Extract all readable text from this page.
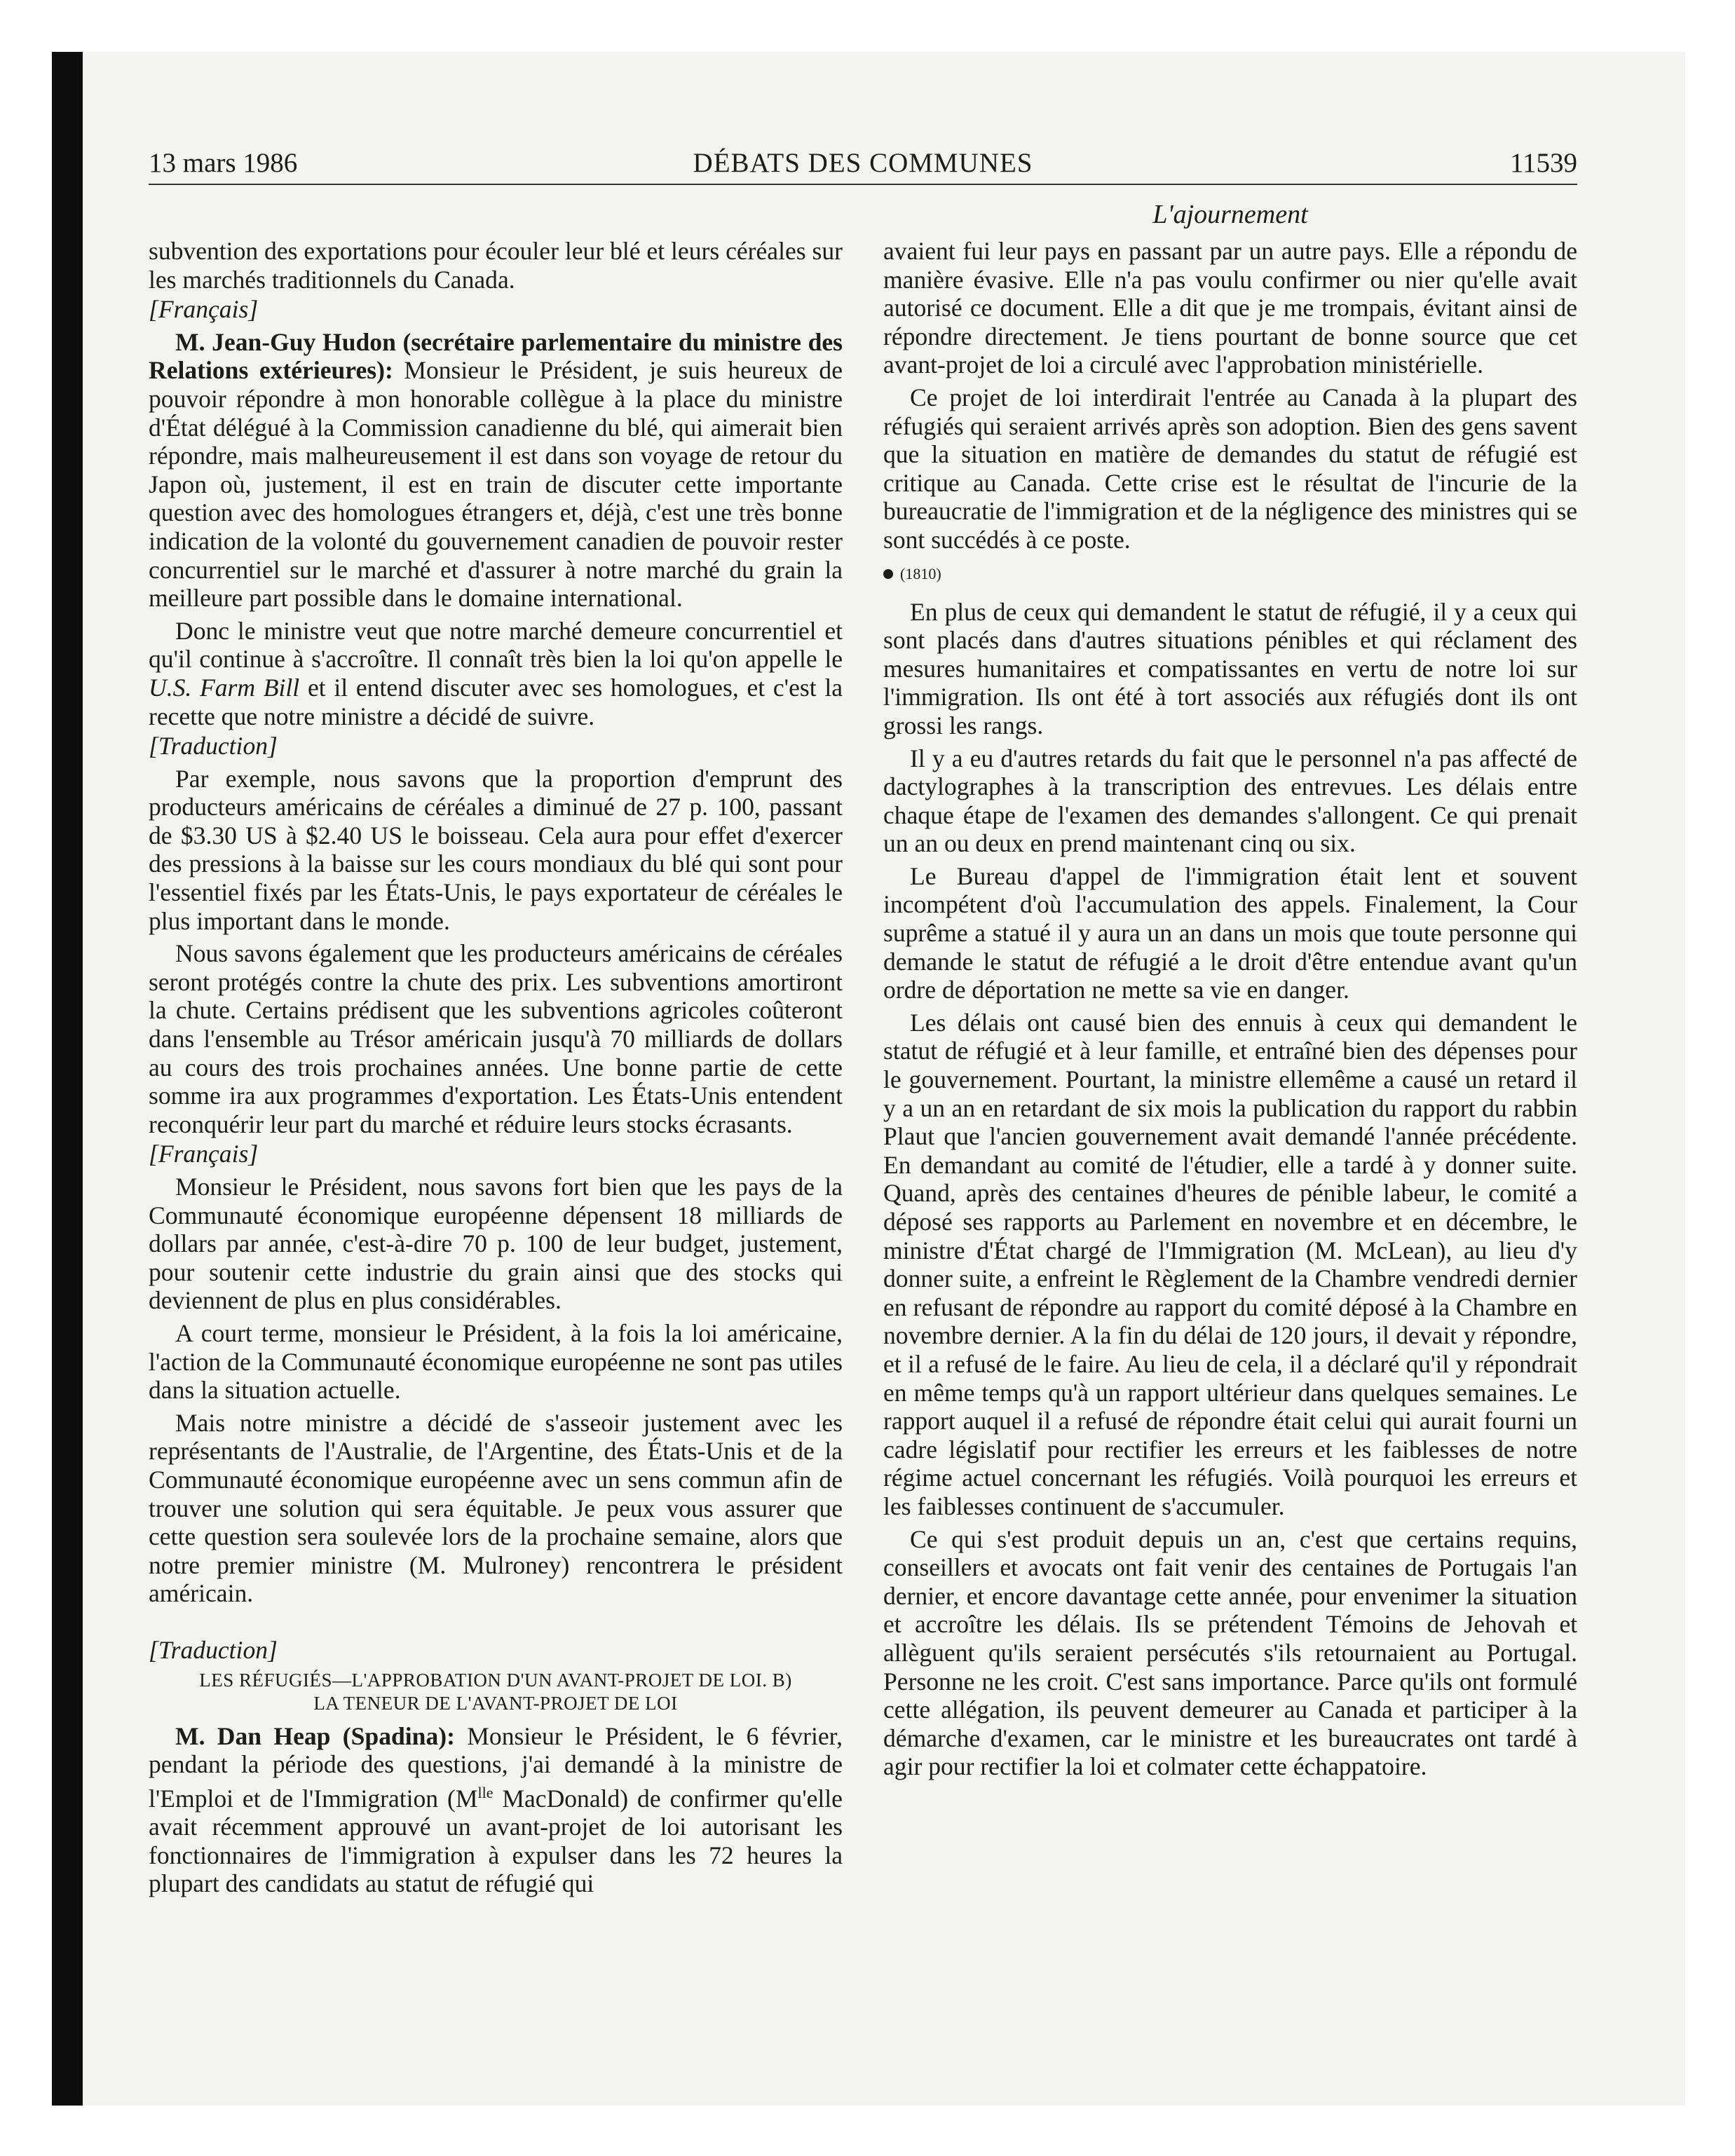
13 mars 1986	DÉBATS DES COMMUNES	11539
L'ajournement

subvention des exportations pour écouler leur blé et leurs céréales sur les marchés traditionnels du Canada.

[Français]

M. Jean-Guy Hudon (secrétaire parlementaire du ministre des Relations extérieures): Monsieur le Président, je suis heureux de pouvoir répondre à mon honorable collègue à la place du ministre d'État délégué à la Commission canadienne du blé, qui aimerait bien répondre, mais malheureusement il est dans son voyage de retour du Japon où, justement, il est en train de discuter cette importante question avec des homologues étrangers et, déjà, c'est une très bonne indication de la volonté du gouvernement canadien de pouvoir rester concurrentiel sur le marché et d'assurer à notre marché du grain la meilleure part possible dans le domaine international.

Donc le ministre veut que notre marché demeure concurrentiel et qu'il continue à s'accroître. Il connaît très bien la loi qu'on appelle le U.S. Farm Bill et il entend discuter avec ses homologues, et c'est la recette que notre ministre a décidé de suivre.

[Traduction]

Par exemple, nous savons que la proportion d'emprunt des producteurs américains de céréales a diminué de 27 p. 100, passant de $3.30 US à $2.40 US le boisseau. Cela aura pour effet d'exercer des pressions à la baisse sur les cours mondiaux du blé qui sont pour l'essentiel fixés par les États-Unis, le pays exportateur de céréales le plus important dans le monde.

Nous savons également que les producteurs américains de céréales seront protégés contre la chute des prix. Les subventions amortiront la chute. Certains prédisent que les subventions agricoles coûteront dans l'ensemble au Trésor américain jusqu'à 70 milliards de dollars au cours des trois prochaines années. Une bonne partie de cette somme ira aux programmes d'exportation. Les États-Unis entendent reconquérir leur part du marché et réduire leurs stocks écrasants.

[Français]

Monsieur le Président, nous savons fort bien que les pays de la Communauté économique européenne dépensent 18 milliards de dollars par année, c'est-à-dire 70 p. 100 de leur budget, justement, pour soutenir cette industrie du grain ainsi que des stocks qui deviennent de plus en plus considérables.

A court terme, monsieur le Président, à la fois la loi américaine, l'action de la Communauté économique européenne ne sont pas utiles dans la situation actuelle.

Mais notre ministre a décidé de s'asseoir justement avec les représentants de l'Australie, de l'Argentine, des États-Unis et de la Communauté économique européenne avec un sens commun afin de trouver une solution qui sera équitable. Je peux vous assurer que cette question sera soulevée lors de la prochaine semaine, alors que notre premier ministre (M. Mulroney) rencontrera le président américain.

[Traduction]

LES RÉFUGIÉS—L'APPROBATION D'UN AVANT-PROJET DE LOI. B)
LA TENEUR DE L'AVANT-PROJET DE LOI

M. Dan Heap (Spadina): Monsieur le Président, le 6 février, pendant la période des questions, j'ai demandé à la ministre de l'Emploi et de l'Immigration ($M^{lle}$ MacDonald) de confirmer qu'elle avait récemment approuvé un avant-projet de loi autorisant les fonctionnaires de l'immigration à expulser dans les 72 heures la plupart des candidats au statut de réfugié qui

avaient fui leur pays en passant par un autre pays. Elle a répondu de manière évasive. Elle n'a pas voulu confirmer ou nier qu'elle avait autorisé ce document. Elle a dit que je me trompais, évitant ainsi de répondre directement. Je tiens pourtant de bonne source que cet avant-projet de loi a circulé avec l'approbation ministérielle.

Ce projet de loi interdirait l'entrée au Canada à la plupart des réfugiés qui seraient arrivés après son adoption. Bien des gens savent que la situation en matière de demandes du statut de réfugié est critique au Canada. Cette crise est le résultat de l'incurie de la bureaucratie de l'immigration et de la négligence des ministres qui se sont succédés à ce poste.

(1810)

En plus de ceux qui demandent le statut de réfugié, il y a ceux qui sont placés dans d'autres situations pénibles et qui réclament des mesures humanitaires et compatissantes en vertu de notre loi sur l'immigration. Ils ont été à tort associés aux réfugiés dont ils ont grossi les rangs.

Il y a eu d'autres retards du fait que le personnel n'a pas affecté de dactylographes à la transcription des entrevues. Les délais entre chaque étape de l'examen des demandes s'allongent. Ce qui prenait un an ou deux en prend maintenant cinq ou six.

Le Bureau d'appel de l'immigration était lent et souvent incompétent d'où l'accumulation des appels. Finalement, la Cour suprême a statué il y aura un an dans un mois que toute personne qui demande le statut de réfugié a le droit d'être entendue avant qu'un ordre de déportation ne mette sa vie en danger.

Les délais ont causé bien des ennuis à ceux qui demandent le statut de réfugié et à leur famille, et entraîné bien des dépenses pour le gouvernement. Pourtant, la ministre ellemême a causé un retard il y a un an en retardant de six mois la publication du rapport du rabbin Plaut que l'ancien gouvernement avait demandé l'année précédente. En demandant au comité de l'étudier, elle a tardé à y donner suite. Quand, après des centaines d'heures de pénible labeur, le comité a déposé ses rapports au Parlement en novembre et en décembre, le ministre d'État chargé de l'Immigration (M. McLean), au lieu d'y donner suite, a enfreint le Règlement de la Chambre vendredi dernier en refusant de répondre au rapport du comité déposé à la Chambre en novembre dernier. A la fin du délai de 120 jours, il devait y répondre, et il a refusé de le faire. Au lieu de cela, il a déclaré qu'il y répondrait en même temps qu'à un rapport ultérieur dans quelques semaines. Le rapport auquel il a refusé de répondre était celui qui aurait fourni un cadre législatif pour rectifier les erreurs et les faiblesses de notre régime actuel concernant les réfugiés. Voilà pourquoi les erreurs et les faiblesses continuent de s'accumuler.

Ce qui s'est produit depuis un an, c'est que certains requins, conseillers et avocats ont fait venir des centaines de Portugais l'an dernier, et encore davantage cette année, pour envenimer la situation et accroître les délais. Ils se prétendent Témoins de Jehovah et allèguent qu'ils seraient persécutés s'ils retournaient au Portugal. Personne ne les croit. C'est sans importance. Parce qu'ils ont formulé cette allégation, ils peuvent demeurer au Canada et participer à la démarche d'examen, car le ministre et les bureaucrates ont tardé à agir pour rectifier la loi et colmater cette échappatoire.
